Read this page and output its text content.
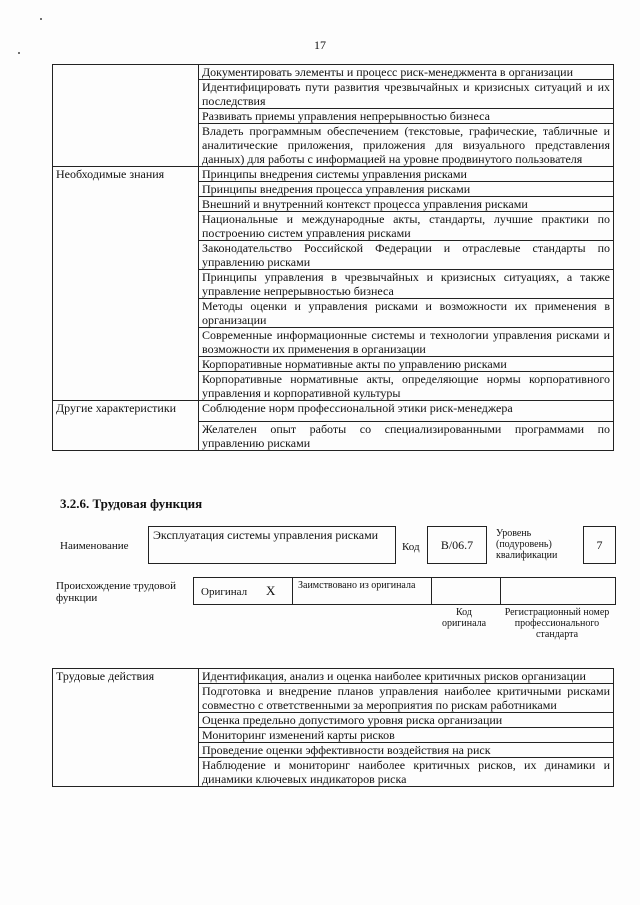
17
	Документировать элементы и процесс риск-менеджмента в организации
	Идентифицировать пути развития чрезвычайных и кризисных ситуаций и их последствия
	Развивать приемы управления непрерывностью бизнеса
	Владеть программным обеспечением (текстовые, графические, табличные и аналитические приложения, приложения для визуального представления данных) для работы с информацией на уровне продвинутого пользователя
Необходимые знания	Принципы внедрения системы управления рисками
	Принципы внедрения процесса управления рисками
	Внешний и внутренний контекст процесса управления рисками
	Национальные и международные акты, стандарты, лучшие практики по построению систем управления рисками
	Законодательство Российской Федерации и отраслевые стандарты по управлению рисками
	Принципы управления в чрезвычайных и кризисных ситуациях, а также управление непрерывностью бизнеса
	Методы оценки и управления рисками и возможности их применения в организации
	Современные информационные системы и технологии управления рисками и возможности их применения в организации
	Корпоративные нормативные акты по управлению рисками
	Корпоративные нормативные акты, определяющие нормы корпоративного управления и корпоративной культуры
Другие характеристики	Соблюдение норм профессиональной этики риск-менеджера
	Желателен опыт работы со специализированными программами по управлению рисками
3.2.6. Трудовая функция
Наименование
Эксплуатация системы управления рисками
Код	B/06.7
Уровень (подуровень) квалификации
7
Происхождение трудовой функции	Оригинал X Заимствовано из оригинала
Код оригинала
Регистрационный номер профессионального стандарта
Трудовые действия	Идентификация, анализ и оценка наиболее критичных рисков организации
	Подготовка и внедрение планов управления наиболее критичными рисками совместно с ответственными за мероприятия по рискам работниками
	Оценка предельно допустимого уровня риска организации
	Мониторинг изменений карты рисков
	Проведение оценки эффективности воздействия на риск
	Наблюдение и мониторинг наиболее критичных рисков, их динамики и динамики ключевых индикаторов риска
